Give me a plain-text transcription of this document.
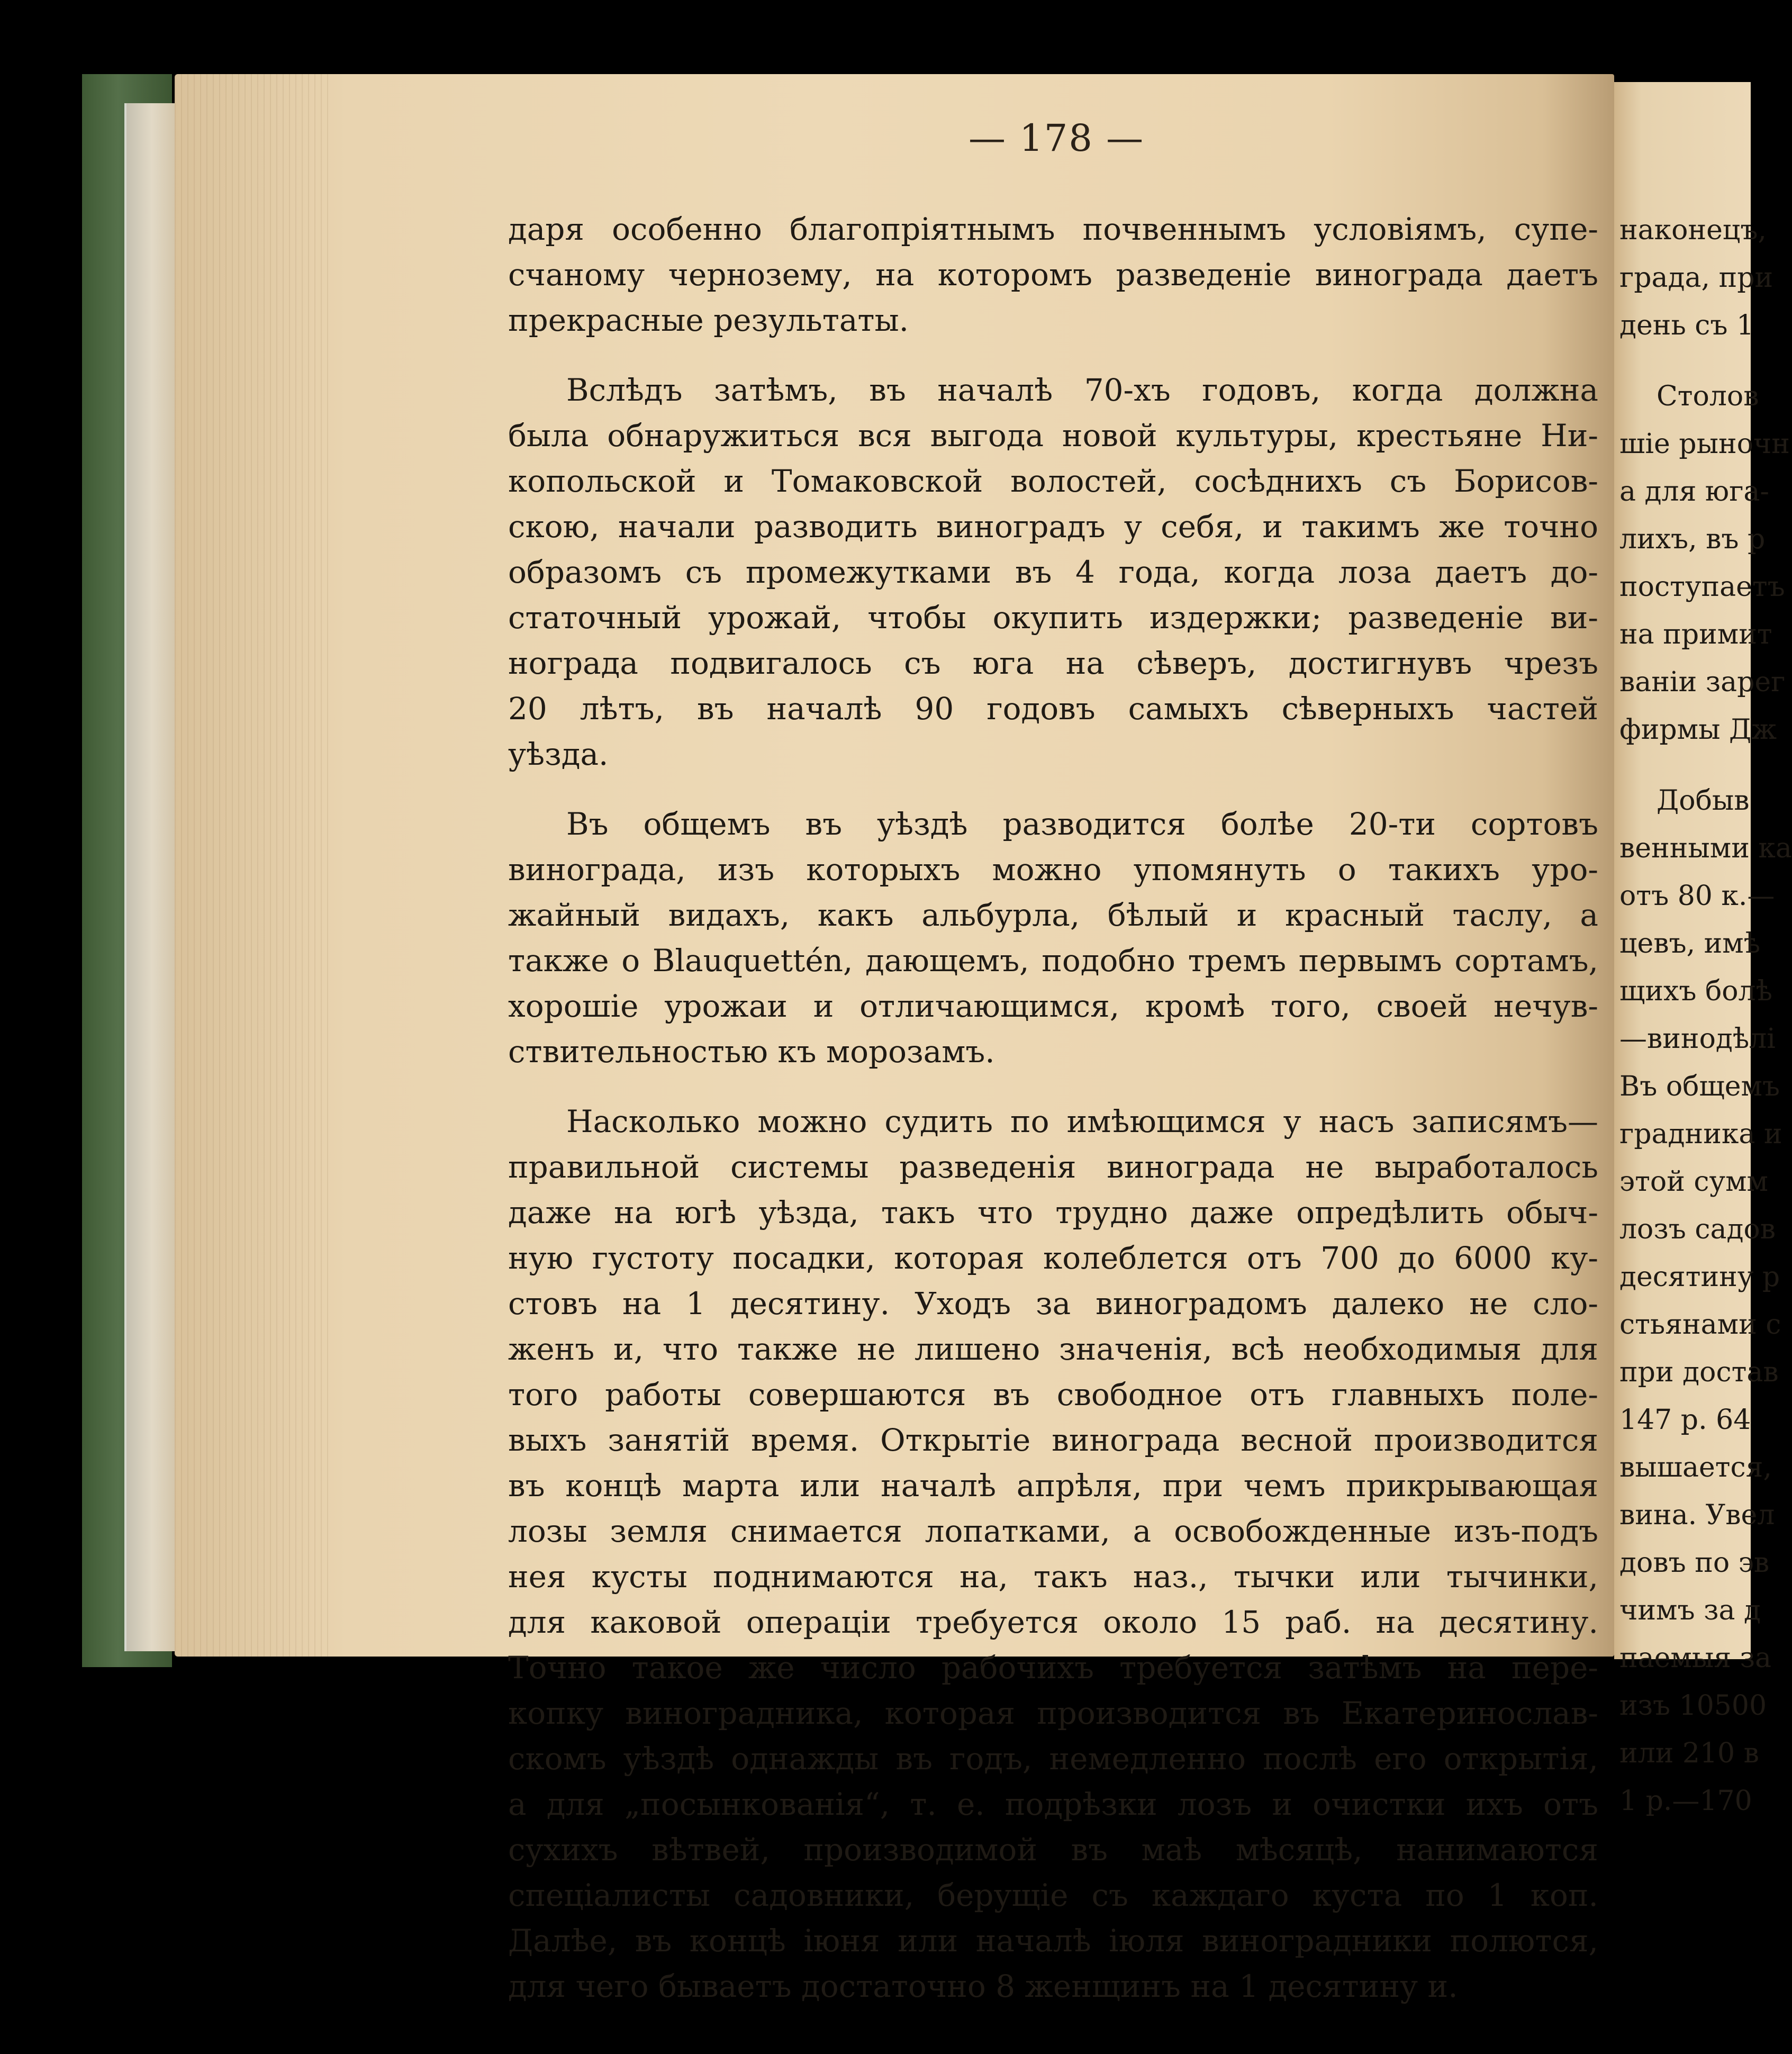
— 178 —
даря особенно благопріятнымъ почвеннымъ условіямъ, супе-
счаному чернозему, на которомъ разведеніе винограда даетъ
прекрасные результаты.
Вслѣдъ затѣмъ, въ началѣ 70-хъ годовъ, когда должна
была обнаружиться вся выгода новой культуры, крестьяне Ни-
копольской и Томаковской волостей, сосѣднихъ съ Борисов-
скою, начали разводить виноградъ у себя, и такимъ же точно
образомъ съ промежутками въ 4 года, когда лоза даетъ до-
статочный урожай, чтобы окупить издержки; разведеніе ви-
нограда подвигалось съ юга на сѣверъ, достигнувъ чрезъ
20 лѣтъ, въ началѣ 90 годовъ самыхъ сѣверныхъ частей
уѣзда.
Въ общемъ въ уѣздѣ разводится болѣе 20-ти сортовъ
винограда, изъ которыхъ можно упомянуть о такихъ уро-
жайный видахъ, какъ альбурла, бѣлый и красный таслу, а
также о Blauquettén, дающемъ, подобно тремъ первымъ сортамъ,
хорошіе урожаи и отличающимся, кромѣ того, своей нечув-
ствительностью къ морозамъ.
Насколько можно судить по имѣющимся у насъ записямъ—
правильной системы разведенія винограда не выработалось
даже на югѣ уѣзда, такъ что трудно даже опредѣлить обыч-
ную густоту посадки, которая колеблется отъ 700 до 6000 ку-
стовъ на 1 десятину. Уходъ за виноградомъ далеко не сло-
женъ и, что также не лишено значенія, всѣ необходимыя для
того работы совершаются въ свободное отъ главныхъ поле-
выхъ занятій время. Открытіе винограда весной производится
въ концѣ марта или началѣ апрѣля, при чемъ прикрывающая
лозы земля снимается лопатками, а освобожденные изъ-подъ
нея кусты поднимаются на, такъ наз., тычки или тычинки,
для каковой операціи требуется около 15 раб. на десятину.
Точно такое же число рабочихъ требуется затѣмъ на пере-
копку виноградника, которая производится въ Екатеринослав-
скомъ уѣздѣ однажды въ годъ, немедленно послѣ его открытія,
а для „посынкованія“, т. е. подрѣзки лозъ и очистки ихъ отъ
сухихъ вѣтвей, производимой въ маѣ мѣсяцѣ, нанимаются
спеціалисты садовники, берущіе съ каждаго куста по 1 коп.
Далѣе, въ концѣ іюня или началѣ іюля виноградники полются,
для чего бываетъ достаточно 8 женщинъ на 1 десятину и.
наконецъ,
града, при
день съ 1
Столов
шіе рыночн
а для юга-
лихъ, въ р
поступаетъ
на примит
ваніи зарег
фирмы Дж
Добыв
венными ка
отъ 80 к.—
цевъ, имѣ
щихъ болѣ
—винодѣлі
Въ общемъ
градника и
этой сумм
лозъ садов
десятину р
стьянами с
при достав
147 р. 64
вышается,
вина. Увел
довъ по эв
чимъ за д
паемыя за
изъ 10500
или 210 в
1 р.—170
